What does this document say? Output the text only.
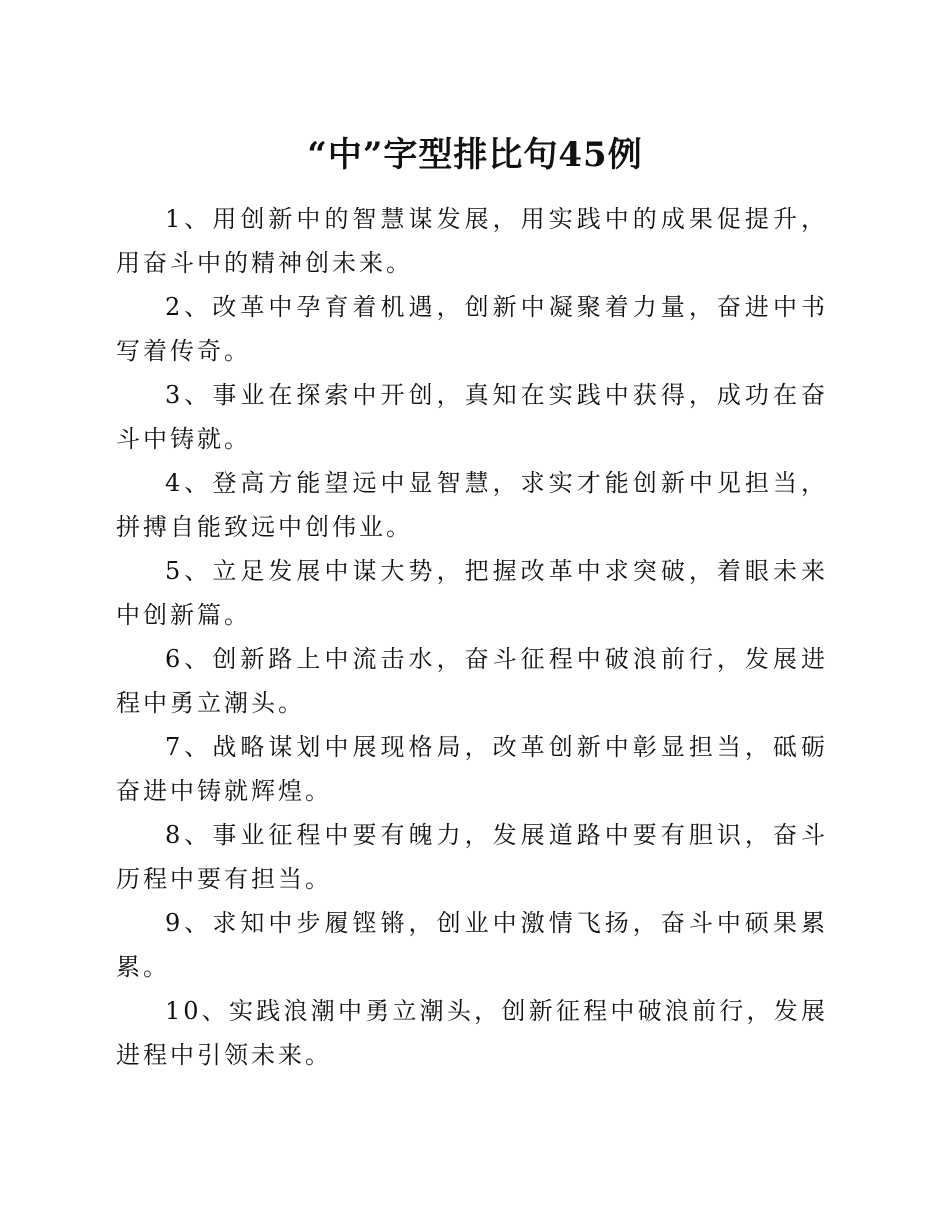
“中”字型排比句45例

1、用创新中的智慧谋发展，用实践中的成果促提升，用奋斗中的精神创未来。

2、改革中孕育着机遇，创新中凝聚着力量，奋进中书写着传奇。

3、事业在探索中开创，真知在实践中获得，成功在奋斗中铸就。

4、登高方能望远中显智慧，求实才能创新中见担当，拼搏自能致远中创伟业。

5、立足发展中谋大势，把握改革中求突破，着眼未来中创新篇。

6、创新路上中流击水，奋斗征程中破浪前行，发展进程中勇立潮头。

7、战略谋划中展现格局，改革创新中彰显担当，砥砺奋进中铸就辉煌。

8、事业征程中要有魄力，发展道路中要有胆识，奋斗历程中要有担当。

9、求知中步履铿锵，创业中激情飞扬，奋斗中硕果累累。

10、实践浪潮中勇立潮头，创新征程中破浪前行，发展进程中引领未来。
